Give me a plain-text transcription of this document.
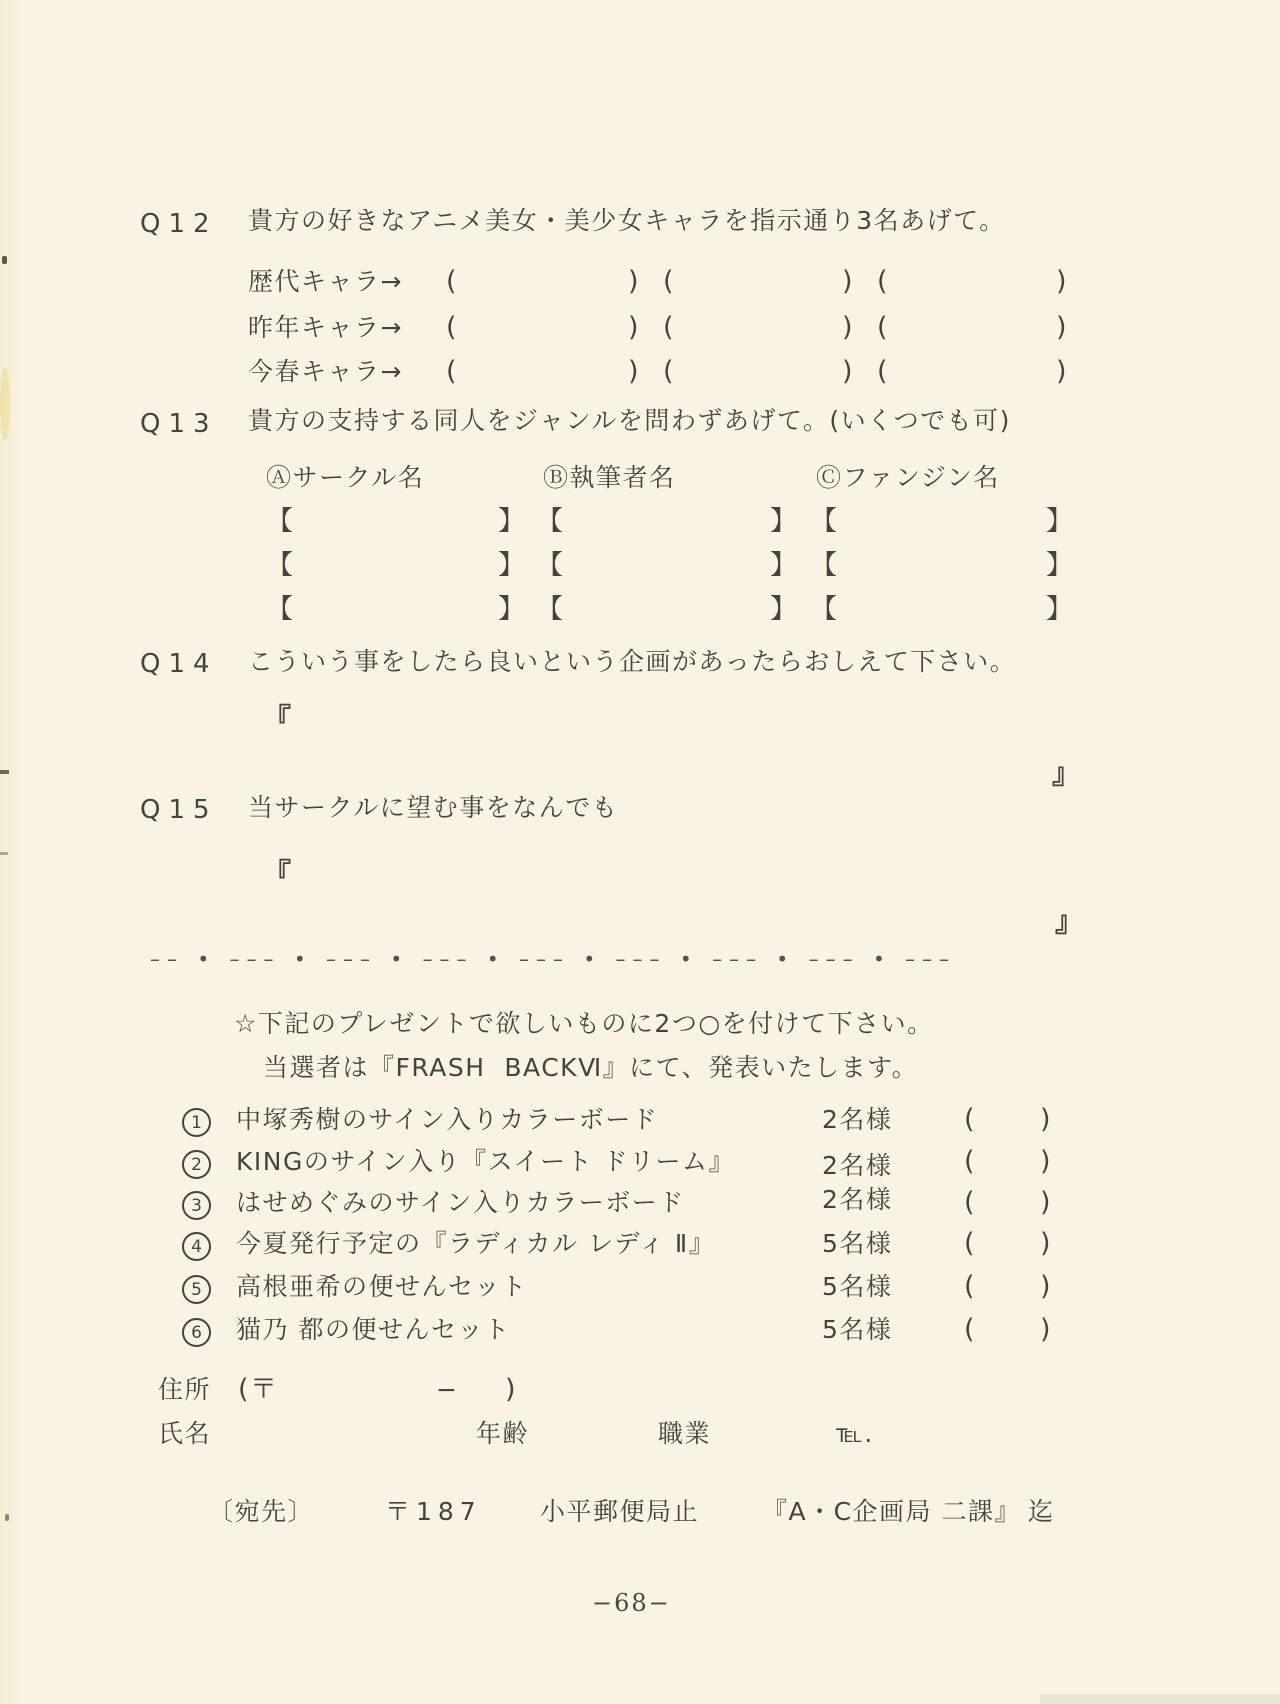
Q12 貴方の好きなアニメ美女・美少女キャラを指示通り3名あげて。
歴代キャラ→ (	) (	) (	)
昨年キャラ→ (	) (	) (	)
今春キャラ→ (	) (	) (	)
Q13 貴方の支持する同人をジャンルを問わずあげて。(いくつでも可)
Ⓐサークル名	Ⓑ執筆者名	Ⓒファンジン名
【	】 【	】 【	】
【	】 【	】 【	】
【	】 【	】 【	】
Q14 こういう事をしたら良いという企画があったらおしえて下さい。
『
』
Q15 当サークルに望む事をなんでも
『
』
–– • ––– • ––– • ––– • ––– • ––– • ––– • ––– • –––
☆下記のプレゼントで欲しいものに2つ○を付けて下さい。
当選者は『FRASH  BACKⅥ』にて、発表いたします。
1	中塚秀樹のサイン入りカラーボード	2名様	( )
2	KINGのサイン入り『スイート ドリーム』	2名様	( )
3	はせめぐみのサイン入りカラーボード	2名様	( )
4	今夏発行予定の『ラディカル レディ Ⅱ』	5名様	( )
5	高根亜希の便せんセット	5名様	( )
6	猫乃 都の便せんセット	5名様	( )
住所 (〒	− )
氏名	年齢	職業	℡.
〔宛先〕	〒187 小平郵便局止	『A・C企画局 二課』 迄
−68−
